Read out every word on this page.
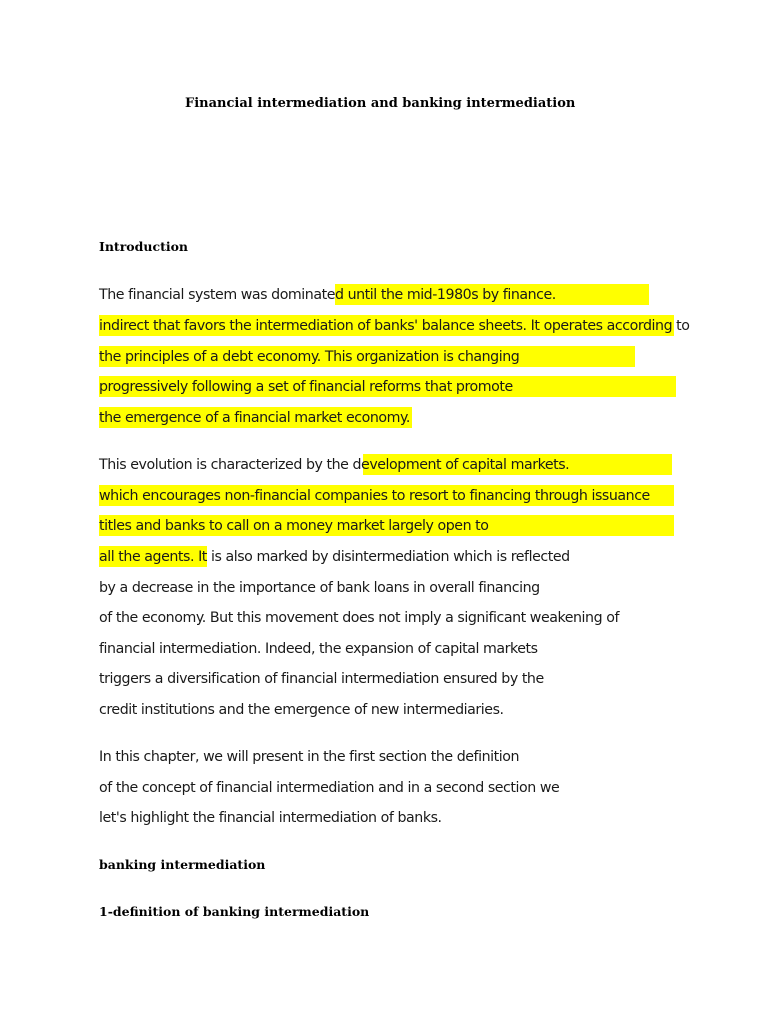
Financial intermediation and banking intermediation
Introduction
The financial system was dominated until the mid-1980s by finance.
indirect that favors the intermediation of banks' balance sheets. It operates according to
the principles of a debt economy. This organization is changing
progressively following a set of financial reforms that promote
the emergence of a financial market economy.
This evolution is characterized by the development of capital markets.
which encourages non-financial companies to resort to financing through issuance
titles and banks to call on a money market largely open to
all the agents. It is also marked by disintermediation which is reflected
by a decrease in the importance of bank loans in overall financing
of the economy. But this movement does not imply a significant weakening of
financial intermediation. Indeed, the expansion of capital markets
triggers a diversification of financial intermediation ensured by the
credit institutions and the emergence of new intermediaries.
In this chapter, we will present in the first section the definition
of the concept of financial intermediation and in a second section we
let's highlight the financial intermediation of banks.
banking intermediation
1-definition of banking intermediation
